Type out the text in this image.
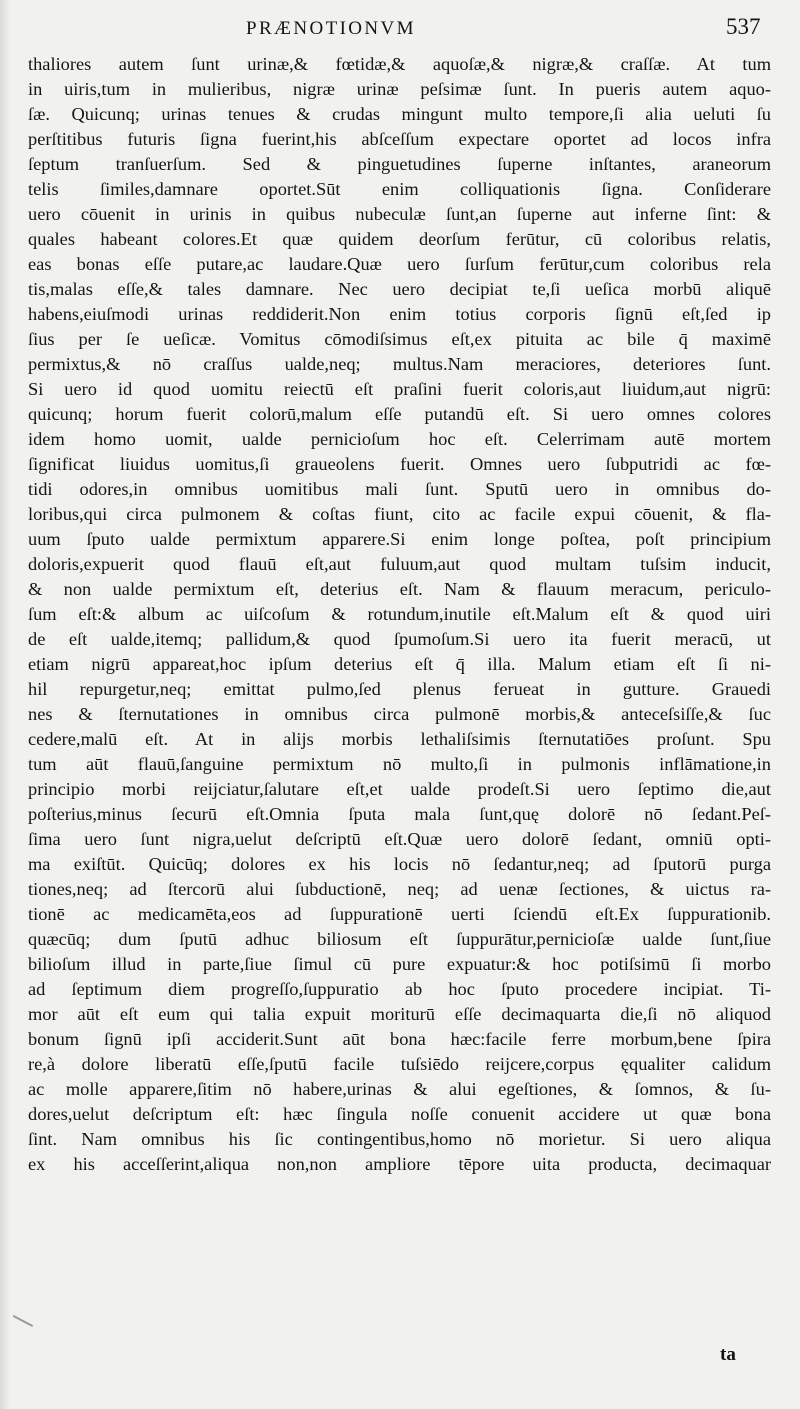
PRÆNOTIONVM	537
thaliores autem ſunt urinæ,& fœtidæ,& aquoſæ,& nigræ,& craſſæ. At tum
in uiris,tum in mulieribus, nigræ urinæ peſsimæ ſunt. In pueris autem aquo-
ſæ. Quicunq; urinas tenues & crudas mingunt multo tempore,ſi alia ueluti ſu
perſtitibus futuris ſigna fuerint,his abſceſſum expectare oportet ad locos infra
ſeptum tranſuerſum. Sed & pinguetudines ſuperne inſtantes, araneorum
telis ſimiles,damnare oportet.Sūt enim colliquationis ſigna. Conſiderare
uero cōuenit in urinis in quibus nubeculæ ſunt,an ſuperne aut inferne ſint: &
quales habeant colores.Et quæ quidem deorſum ferūtur, cū coloribus relatis,
eas bonas eſſe putare,ac laudare.Quæ uero ſurſum ferūtur,cum coloribus rela
tis,malas eſſe,& tales damnare. Nec uero decipiat te,ſi ueſica morbū aliquē
habens,eiuſmodi urinas reddiderit.Non enim totius corporis ſignū eſt,ſed ip
ſius per ſe ueſicæ. Vomitus cōmodiſsimus eſt,ex pituita ac bile q̄ maximē
permixtus,& nō craſſus ualde,neq; multus.Nam meraciores, deteriores ſunt.
Si uero id quod uomitu reiectū eſt praſini fuerit coloris,aut liuidum,aut nigrū:
quicunq; horum fuerit colorū,malum eſſe putandū eſt. Si uero omnes colores
idem homo uomit, ualde pernicioſum hoc eſt. Celerrimam autē mortem
ſignificat liuidus uomitus,ſi graueolens fuerit. Omnes uero ſubputridi ac fœ-
tidi odores,in omnibus uomitibus mali ſunt. Sputū uero in omnibus do-
loribus,qui circa pulmonem & coſtas fiunt, cito ac facile expui cōuenit, & fla-
uum ſputo ualde permixtum apparere.Si enim longe poſtea, poſt principium
doloris,expuerit quod flauū eſt,aut fuluum,aut quod multam tuſsim inducit,
& non ualde permixtum eſt, deterius eſt. Nam & flauum meracum, periculo-
ſum eſt:& album ac uiſcoſum & rotundum,inutile eſt.Malum eſt & quod uiri
de eſt ualde,itemq; pallidum,& quod ſpumoſum.Si uero ita fuerit meracū, ut
etiam nigrū appareat,hoc ipſum deterius eſt q̄ illa. Malum etiam eſt ſi ni-
hil repurgetur,neq; emittat pulmo,ſed plenus ferueat in gutture. Grauedi
nes & ſternutationes in omnibus circa pulmonē morbis,& anteceſsiſſe,& ſuc
cedere,malū eſt. At in alijs morbis lethaliſsimis ſternutatiōes proſunt. Spu
tum aūt flauū,ſanguine permixtum nō multo,ſi in pulmonis inflāmatione,in
principio morbi reijciatur,ſalutare eſt,et ualde prodeſt.Si uero ſeptimo die,aut
poſterius,minus ſecurū eſt.Omnia ſputa mala ſunt,quę dolorē nō ſedant.Peſ-
ſima uero ſunt nigra,uelut deſcriptū eſt.Quæ uero dolorē ſedant, omniū opti-
ma exiſtūt. Quicūq; dolores ex his locis nō ſedantur,neq; ad ſputorū purga
tiones,neq; ad ſtercorū alui ſubductionē, neq; ad uenæ ſectiones, & uictus ra-
tionē ac medicamēta,eos ad ſuppurationē uerti ſciendū eſt.Ex ſuppurationib.
quæcūq; dum ſputū adhuc biliosum eſt ſuppurātur,pernicioſæ ualde ſunt,ſiue
bilioſum illud in parte,ſiue ſimul cū pure expuatur:& hoc potiſsimū ſi morbo
ad ſeptimum diem progreſſo,ſuppuratio ab hoc ſputo procedere incipiat. Ti-
mor aūt eſt eum qui talia expuit moriturū eſſe decimaquarta die,ſi nō aliquod
bonum ſignū ipſi acciderit.Sunt aūt bona hæc:facile ferre morbum,bene ſpira
re,à dolore liberatū eſſe,ſputū facile tuſsiēdo reijcere,corpus ęqualiter calidum
ac molle apparere,ſitim nō habere,urinas & alui egeſtiones, & ſomnos, & ſu-
dores,uelut deſcriptum eſt: hæc ſingula noſſe conuenit accidere ut quæ bona
ſint. Nam omnibus his ſic contingentibus,homo nō morietur. Si uero aliqua
ex his acceſſerint,aliqua non,non ampliore tēpore uita producta, decimaquar
ta
